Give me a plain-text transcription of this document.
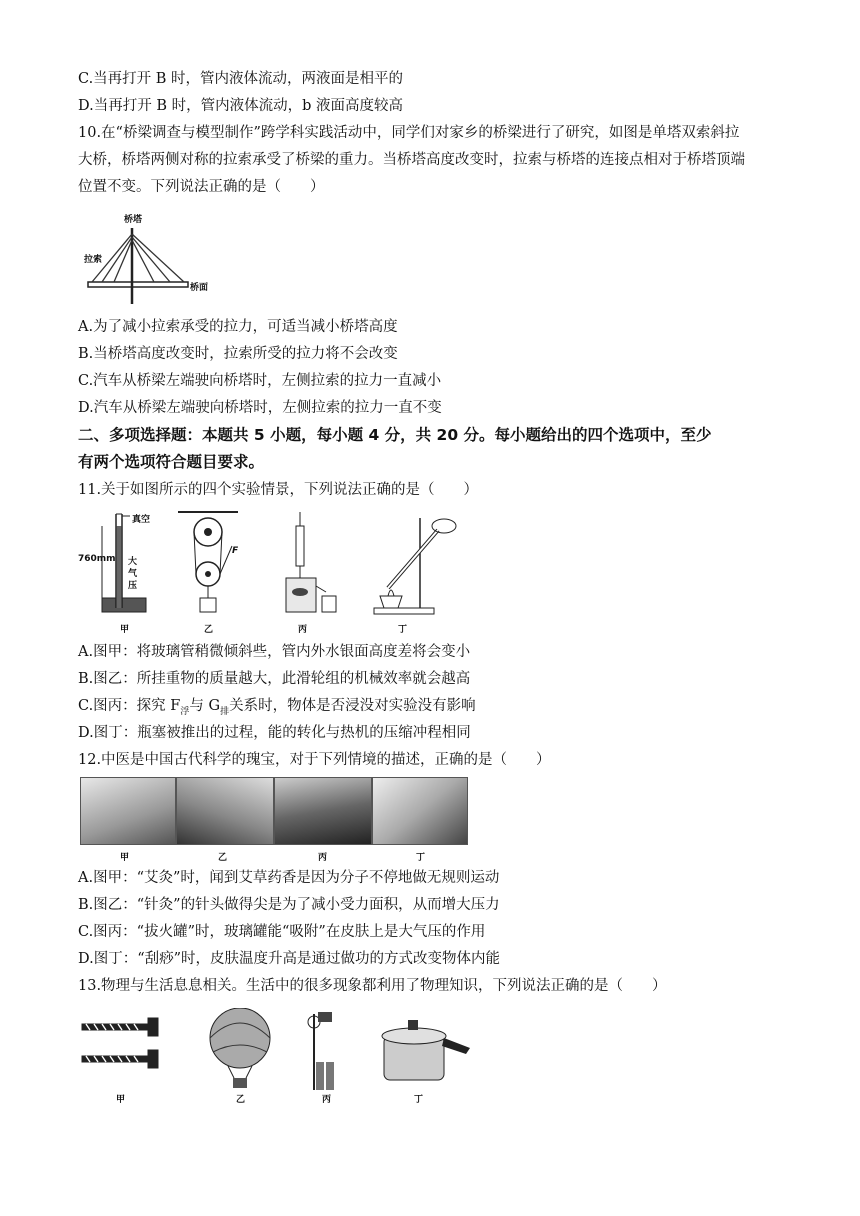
C.当再打开 B 时，管内液体流动，两液面是相平的
D.当再打开 B 时，管内液体流动，b 液面高度较高
10.在“桥梁调查与模型制作”跨学科实践活动中，同学们对家乡的桥梁进行了研究，如图是单塔双索斜拉
大桥，桥塔两侧对称的拉索承受了桥梁的重力。当桥塔高度改变时，拉索与桥塔的连接点相对于桥塔顶端
位置不变。下列说法正确的是（　　）
桥塔
拉索
桥面
A.为了减小拉索承受的拉力，可适当减小桥塔高度
B.当桥塔高度改变时，拉索所受的拉力将不会改变
C.汽车从桥梁左端驶向桥塔时，左侧拉索的拉力一直减小
D.汽车从桥梁左端驶向桥塔时，左侧拉索的拉力一直不变
二、多项选择题：本题共 5 小题，每小题 4 分，共 20 分。每小题给出的四个选项中，至少
有两个选项符合题目要求。
11.关于如图所示的四个实验情景，下列说法正确的是（　　）
真空
760mm 大
气
压
F
甲	乙	丙	丁
A.图甲：将玻璃管稍微倾斜些，管内外水银面高度差将会变小
B.图乙：所挂重物的质量越大，此滑轮组的机械效率就会越高
C.图丙：探究 $F_浮$与 $G_排$关系时，物体是否浸没对实验没有影响
D.图丁：瓶塞被推出的过程，能的转化与热机的压缩冲程相同
12.中医是中国古代科学的瑰宝，对于下列情境的描述，正确的是（　　）
甲	乙	丙	丁
A.图甲：“艾灸”时，闻到艾草药香是因为分子不停地做无规则运动
B.图乙：“针灸”的针头做得尖是为了减小受力面积，从而增大压力
C.图丙：“拔火罐”时，玻璃罐能“吸附”在皮肤上是大气压的作用
D.图丁：“刮痧”时，皮肤温度升高是通过做功的方式改变物体内能
13.物理与生活息息相关。生活中的很多现象都利用了物理知识，下列说法正确的是（　　）
甲	乙	丙	丁
